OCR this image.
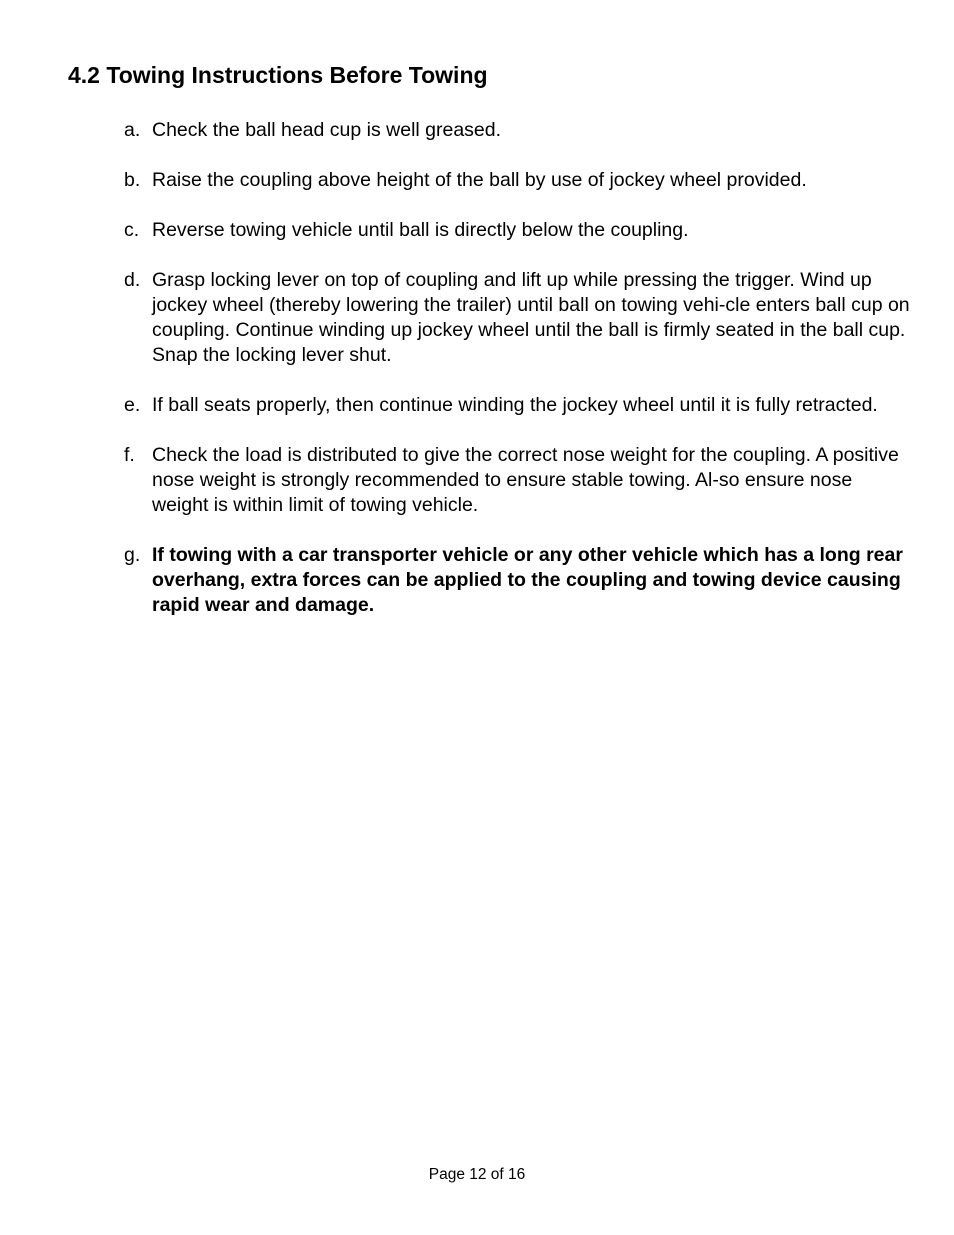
4.2 Towing Instructions Before Towing
a. Check the ball head cup is well greased.
b. Raise the coupling above height of the ball by use of jockey wheel provided.
c. Reverse towing vehicle until ball is directly below the coupling.
d. Grasp locking lever on top of coupling and lift up while pressing the trigger. Wind up jockey wheel (thereby lowering the trailer) until ball on towing vehi-cle enters ball cup on coupling. Continue winding up jockey wheel until the ball is firmly seated in the ball cup. Snap the locking lever shut.
e. If ball seats properly, then continue winding the jockey wheel until it is fully retracted.
f. Check the load is distributed to give the correct nose weight for the coupling. A positive nose weight is strongly recommended to ensure stable towing. Al-so ensure nose weight is within limit of towing vehicle.
g. If towing with a car transporter vehicle or any other vehicle which has a long rear overhang, extra forces can be applied to the coupling and towing device causing rapid wear and damage.
Page 12 of 16
